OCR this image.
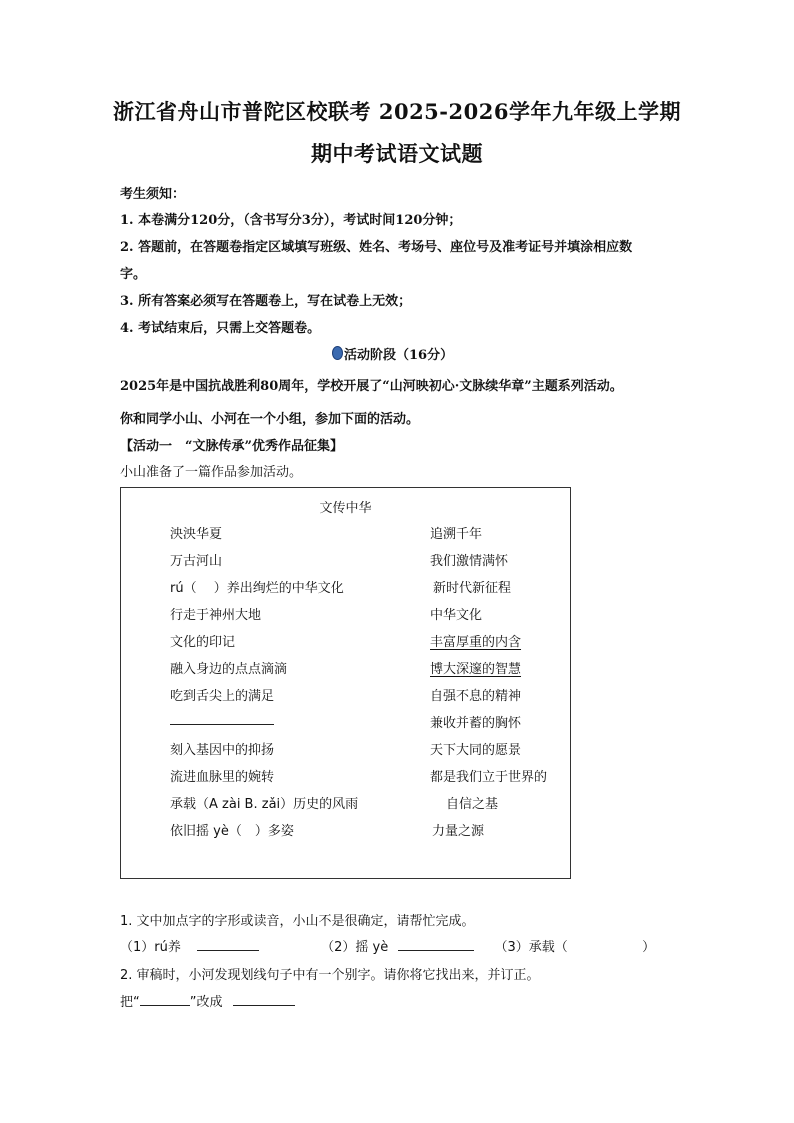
浙江省舟山市普陀区校联考 2025-2026学年九年级上学期
期中考试语文试题
考生须知：
1. 本卷满分120分，（含书写分3分），考试时间120分钟；
2. 答题前，在答题卷指定区域填写班级、姓名、考场号、座位号及准考证号并填涂相应数
字。
3. 所有答案必须写在答题卷上，写在试卷上无效；
4. 考试结束后，只需上交答题卷。
活动阶段（16分）
2025年是中国抗战胜利80周年，学校开展了“山河映初心·文脉续华章”主题系列活动。
你和同学小山、小河在一个小组，参加下面的活动。
【活动一　“文脉传承”优秀作品征集】
小山准备了一篇作品参加活动。
文传中华
泱泱华夏
万古河山
rú（　 ）养出绚烂的中华文化
行走于神州大地
文化的印记
融入身边的点点滴滴
吃到舌尖上的满足
刻入基因中的抑扬
流进血脉里的婉转
承载（A zài B. zǎi）历史的风雨
依旧摇 yè（　）多姿
追溯千年
我们激情满怀
新时代新征程
中华文化
丰富厚重的内含
博大深邃的智慧
自强不息的精神
兼收并蓄的胸怀
天下大同的愿景
都是我们立于世界的
自信之基
力量之源
1. 文中加点字的字形或读音，小山不是很确定，请帮忙完成。
（1）rú养	（2）摇 yè	（3）承载（	）
2. 审稿时，小河发现划线句子中有一个别字。请你将它找出来，并订正。
把“	”改成
